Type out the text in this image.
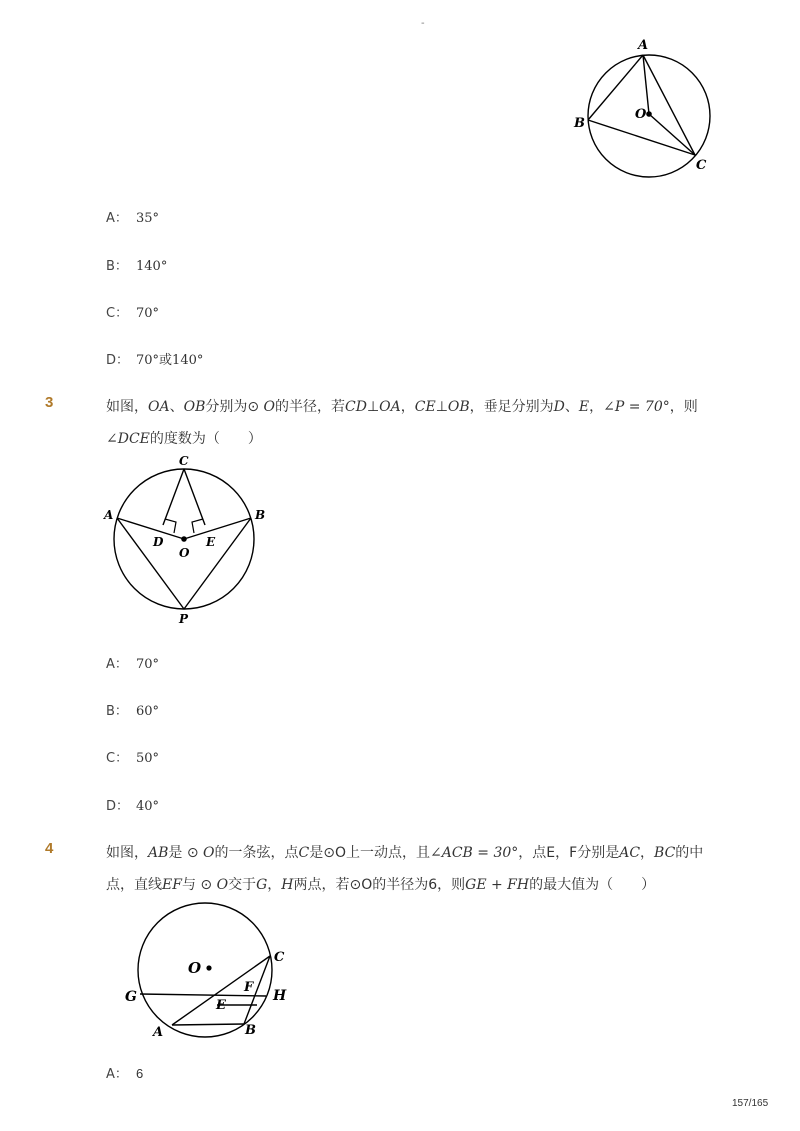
-
A
B
C
O
A： 35°
B： 140°
C： 70°
D： 70°或140°
3	如图，OA、OB分别为⊙ O的半径，若CD⊥OA，CE⊥OB，垂足分别为D、E，∠P = 70°，则
∠DCE的度数为（　　）
C
A	B
D	E
O
P
A： 70°
B： 60°
C： 50°
D： 40°
4	如图，AB是 ⊙ O的一条弦，点C是⊙O上一动点，且∠ACB = 30°，点E，F分别是AC，BC的中
点，直线EF与 ⊙ O交于G，H两点，若⊙O的半径为6，则GE + FH的最大值为（　　）
O
C
F
G
E
H
A	B
A： 6
157/165
